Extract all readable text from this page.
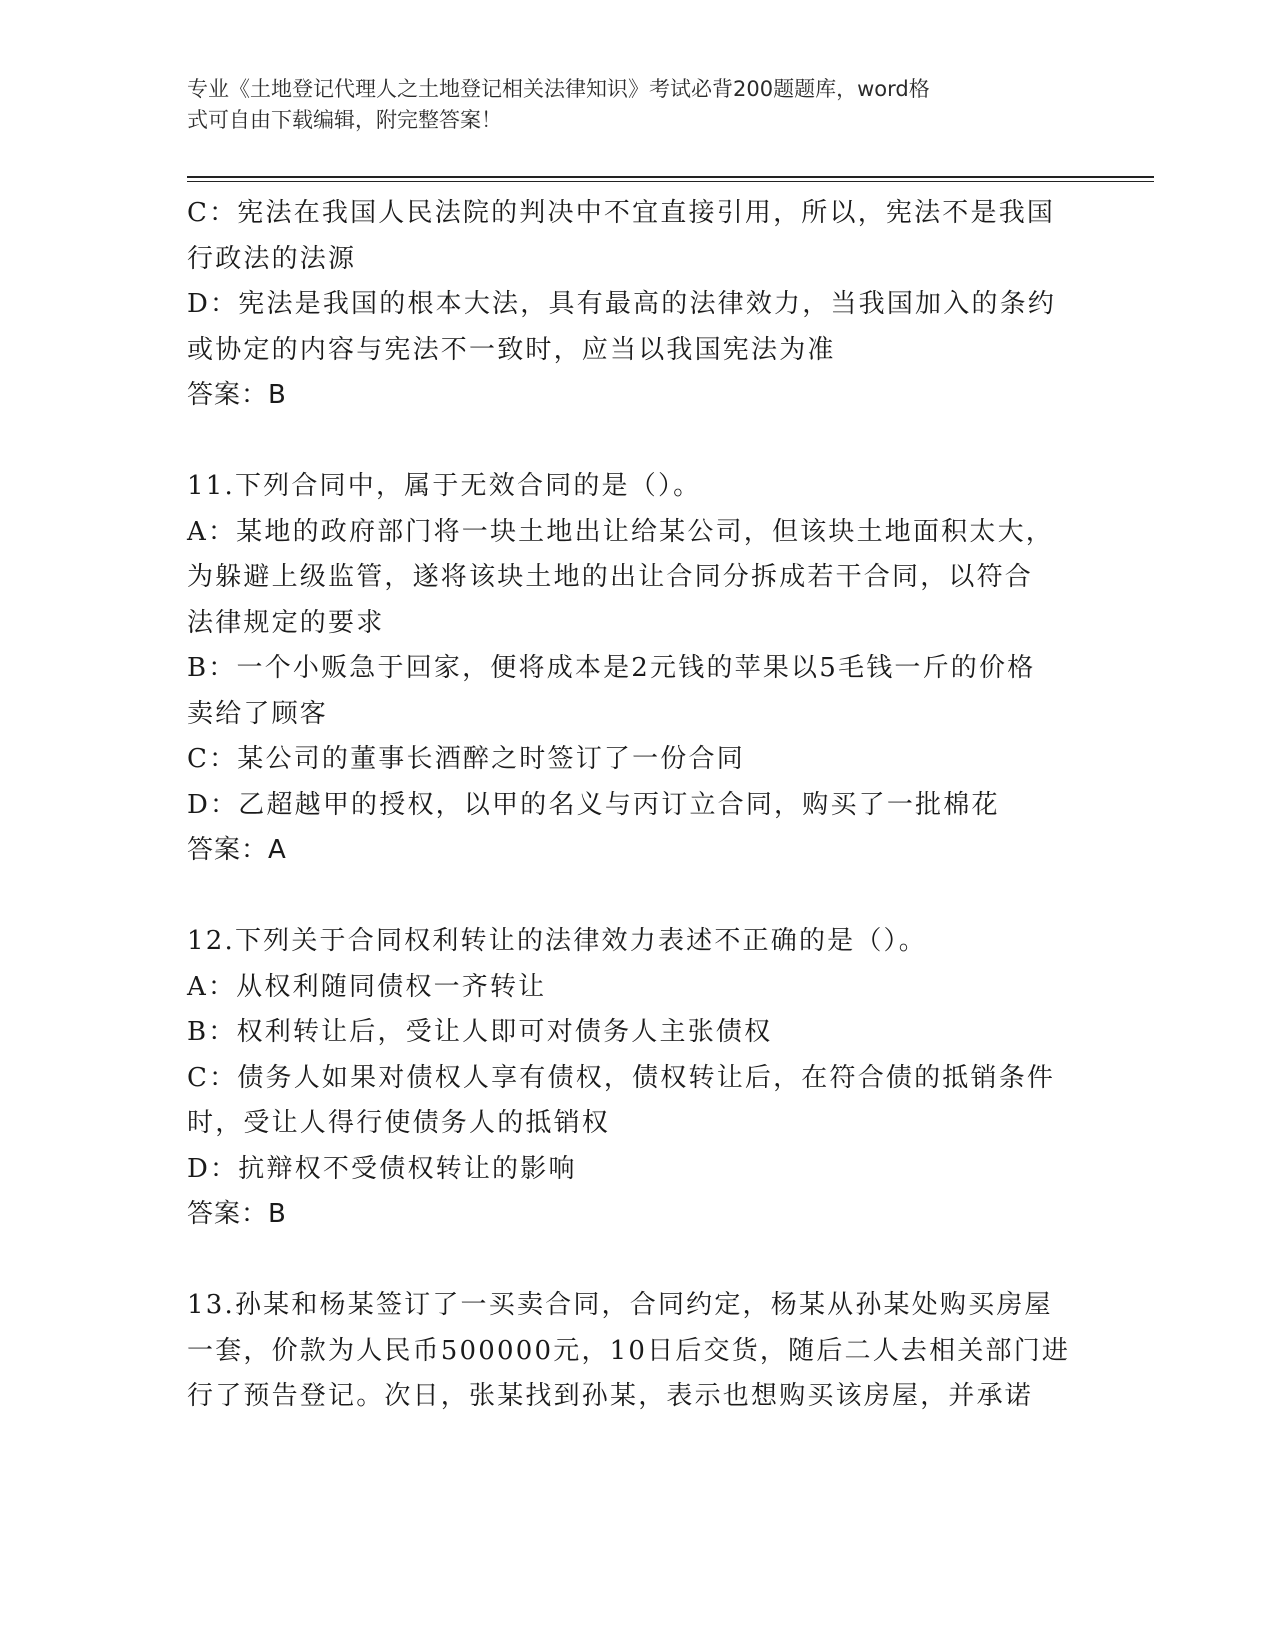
专业《土地登记代理人之土地登记相关法律知识》考试必背200题题库，word格
式可自由下载编辑，附完整答案！
C：宪法在我国人民法院的判决中不宜直接引用，所以，宪法不是我国
行政法的法源
D：宪法是我国的根本大法，具有最高的法律效力，当我国加入的条约
或协定的内容与宪法不一致时，应当以我国宪法为准
答案：B
11.下列合同中，属于无效合同的是（）。
A：某地的政府部门将一块土地出让给某公司，但该块土地面积太大，
为躲避上级监管，遂将该块土地的出让合同分拆成若干合同，以符合
法律规定的要求
B：一个小贩急于回家，便将成本是2元钱的苹果以5毛钱一斤的价格
卖给了顾客
C：某公司的董事长酒醉之时签订了一份合同
D：乙超越甲的授权，以甲的名义与丙订立合同，购买了一批棉花
答案：A
12.下列关于合同权利转让的法律效力表述不正确的是（）。
A：从权利随同债权一齐转让
B：权利转让后，受让人即可对债务人主张债权
C：债务人如果对债权人享有债权，债权转让后，在符合债的抵销条件
时，受让人得行使债务人的抵销权
D：抗辩权不受债权转让的影响
答案：B
13.孙某和杨某签订了一买卖合同，合同约定，杨某从孙某处购买房屋
一套，价款为人民币500000元，10日后交货，随后二人去相关部门进
行了预告登记。次日，张某找到孙某，表示也想购买该房屋，并承诺
